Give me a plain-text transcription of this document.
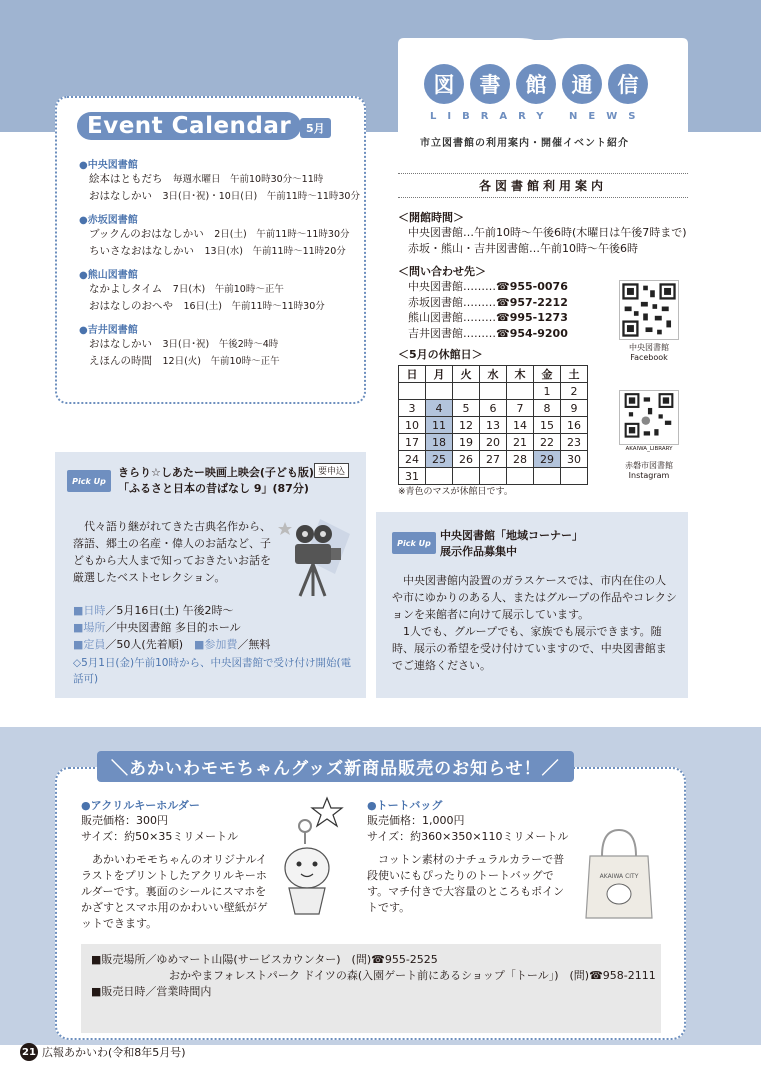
Event Calendar	5月
●中央図書館
絵本はともだち　 毎週水曜日　午前10時30分～11時
おはなしかい　 3日(日･祝)・10日(日)　午前11時～11時30分
●赤坂図書館
ブックんのおはなしかい　 2日(土)　午前11時～11時30分
ちいさなおはなしかい　 13日(水)　午前11時～11時20分
●熊山図書館
なかよしタイム　 7日(木)　午前10時～正午
おはなしのおへや　 16日(土)　午前11時～11時30分
●吉井図書館
おはなしかい　 3日(日･祝)　午後2時～4時
えほんの時間　 12日(火)　午前10時～正午
図	書	館	通	信
LIBRARY NEWS
市立図書館の利用案内・開催イベント紹介
各図書館利用案内
＜開館時間＞
中央図書館…午前10時～午後6時(木曜日は午後7時まで)
赤坂・熊山・吉井図書館…午前10時～午後6時
＜問い合わせ先＞
中央図書館………☎955-0076
赤坂図書館………☎957-2212
熊山図書館………☎995-1273
吉井図書館………☎954-9200
中央図書館
Facebook
AKAIWA_LIBRARY
赤磐市図書館
Instagram
＜5月の休館日＞
日	月	火	水	木	金	土
					1	2
3	4	5	6	7	8	9
10	11	12	13	14	15	16
17	18	19	20	21	22	23
24	25	26	27	28	29	30
31						
※青色のマスが休館日です。
Pick Up
きらり☆しあたー映画上映会(子ども版)
「ふるさと日本の昔ばなし 9」(87分)
要申込
代々語り継がれてきた古典名作から、落語、郷土の名産・偉人のお話など、子どもから大人まで知っておきたいお話を厳選したベストセレクション。
■日時／5月16日(土) 午後2時～
■場所／中央図書館 多目的ホール
■定員／50人(先着順)　■参加費／無料
◇5月1日(金)午前10時から、中央図書館で受け付け開始(電話可)
Pick Up
中央図書館「地域コーナー」
展示作品募集中

中央図書館内設置のガラスケースでは、市内在住の人や市にゆかりのある人、またはグループの作品やコレクションを来館者に向けて展示しています。

1人でも、グループでも、家族でも展示できます。随時、展示の希望を受け付けていますので、中央図書館までご連絡ください。

＼あかいわモモちゃんグッズ新商品販売のお知らせ！／
●アクリルキーホルダー
販売価格：300円
サイズ：約50×35ミリメートル
あかいわモモちゃんのオリジナルイラストをプリントしたアクリルキーホルダーです。裏面のシールにスマホをかざすとスマホ用のかわいい壁紙がゲットできます。
●トートバッグ
販売価格：1,000円
サイズ：約360×350×110ミリメートル
コットン素材のナチュラルカラーで普段使いにもぴったりのトートバッグです。マチ付きで大容量のところもポイントです。
AKAIWA CITY
■販売場所／ゆめマート山陽(サービスカウンター)　(問)☎955-2525
おかやまフォレストパーク ドイツの森(入園ゲート前にあるショップ「トール」)　(問)☎958-2111
■販売日時／営業時間内
21 広報あかいわ(令和8年5月号)
